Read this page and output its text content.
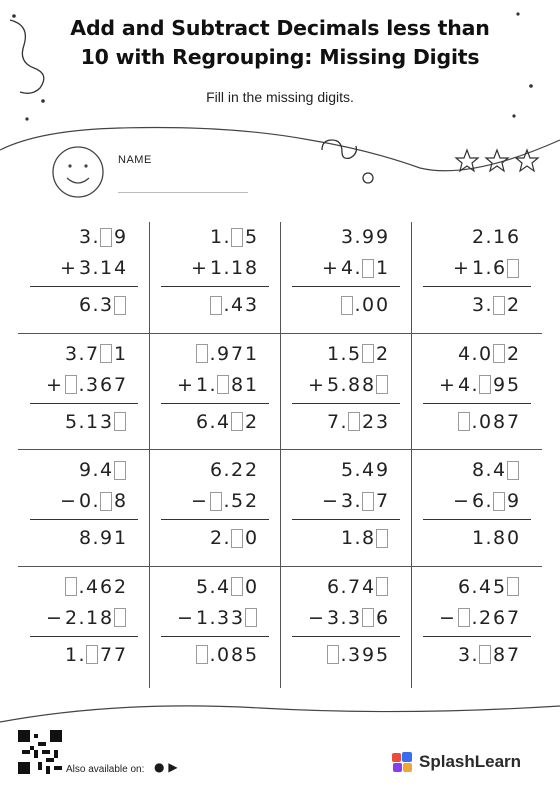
Add and Subtract Decimals less than
10 with Regrouping: Missing Digits
Fill in the missing digits.
NAME
3 . 9
+ 3 . 1 4
6 . 3
1 . 5
+ 1 . 1 8
. 4 3
3 . 9 9
+ 4 . 1
. 0 0
2 . 1 6
+ 1 . 6
3 . 2
3 . 7 1
+ . 3 6 7
5 . 1 3
. 9 7 1
+ 1 . 8 1
6 . 4 2
1 . 5 2
+ 5 . 8 8
7 . 2 3
4 . 0 2
+ 4 . 9 5
. 0 8 7
9 . 4
− 0 . 8
8 . 9 1
6 . 2 2
− . 5 2
2 . 0
5 . 4 9
− 3 . 7
1 . 8
8 . 4
− 6 . 9
1 . 8 0
. 4 6 2
− 2 . 1 8
1 . 7 7
5 . 4 0
− 1 . 3 3
. 0 8 5
6 . 7 4
− 3 . 3 6
. 3 9 5
6 . 4 5
− . 2 6 7
3 . 8 7
Also available on: ● ▶	SplashLearn
